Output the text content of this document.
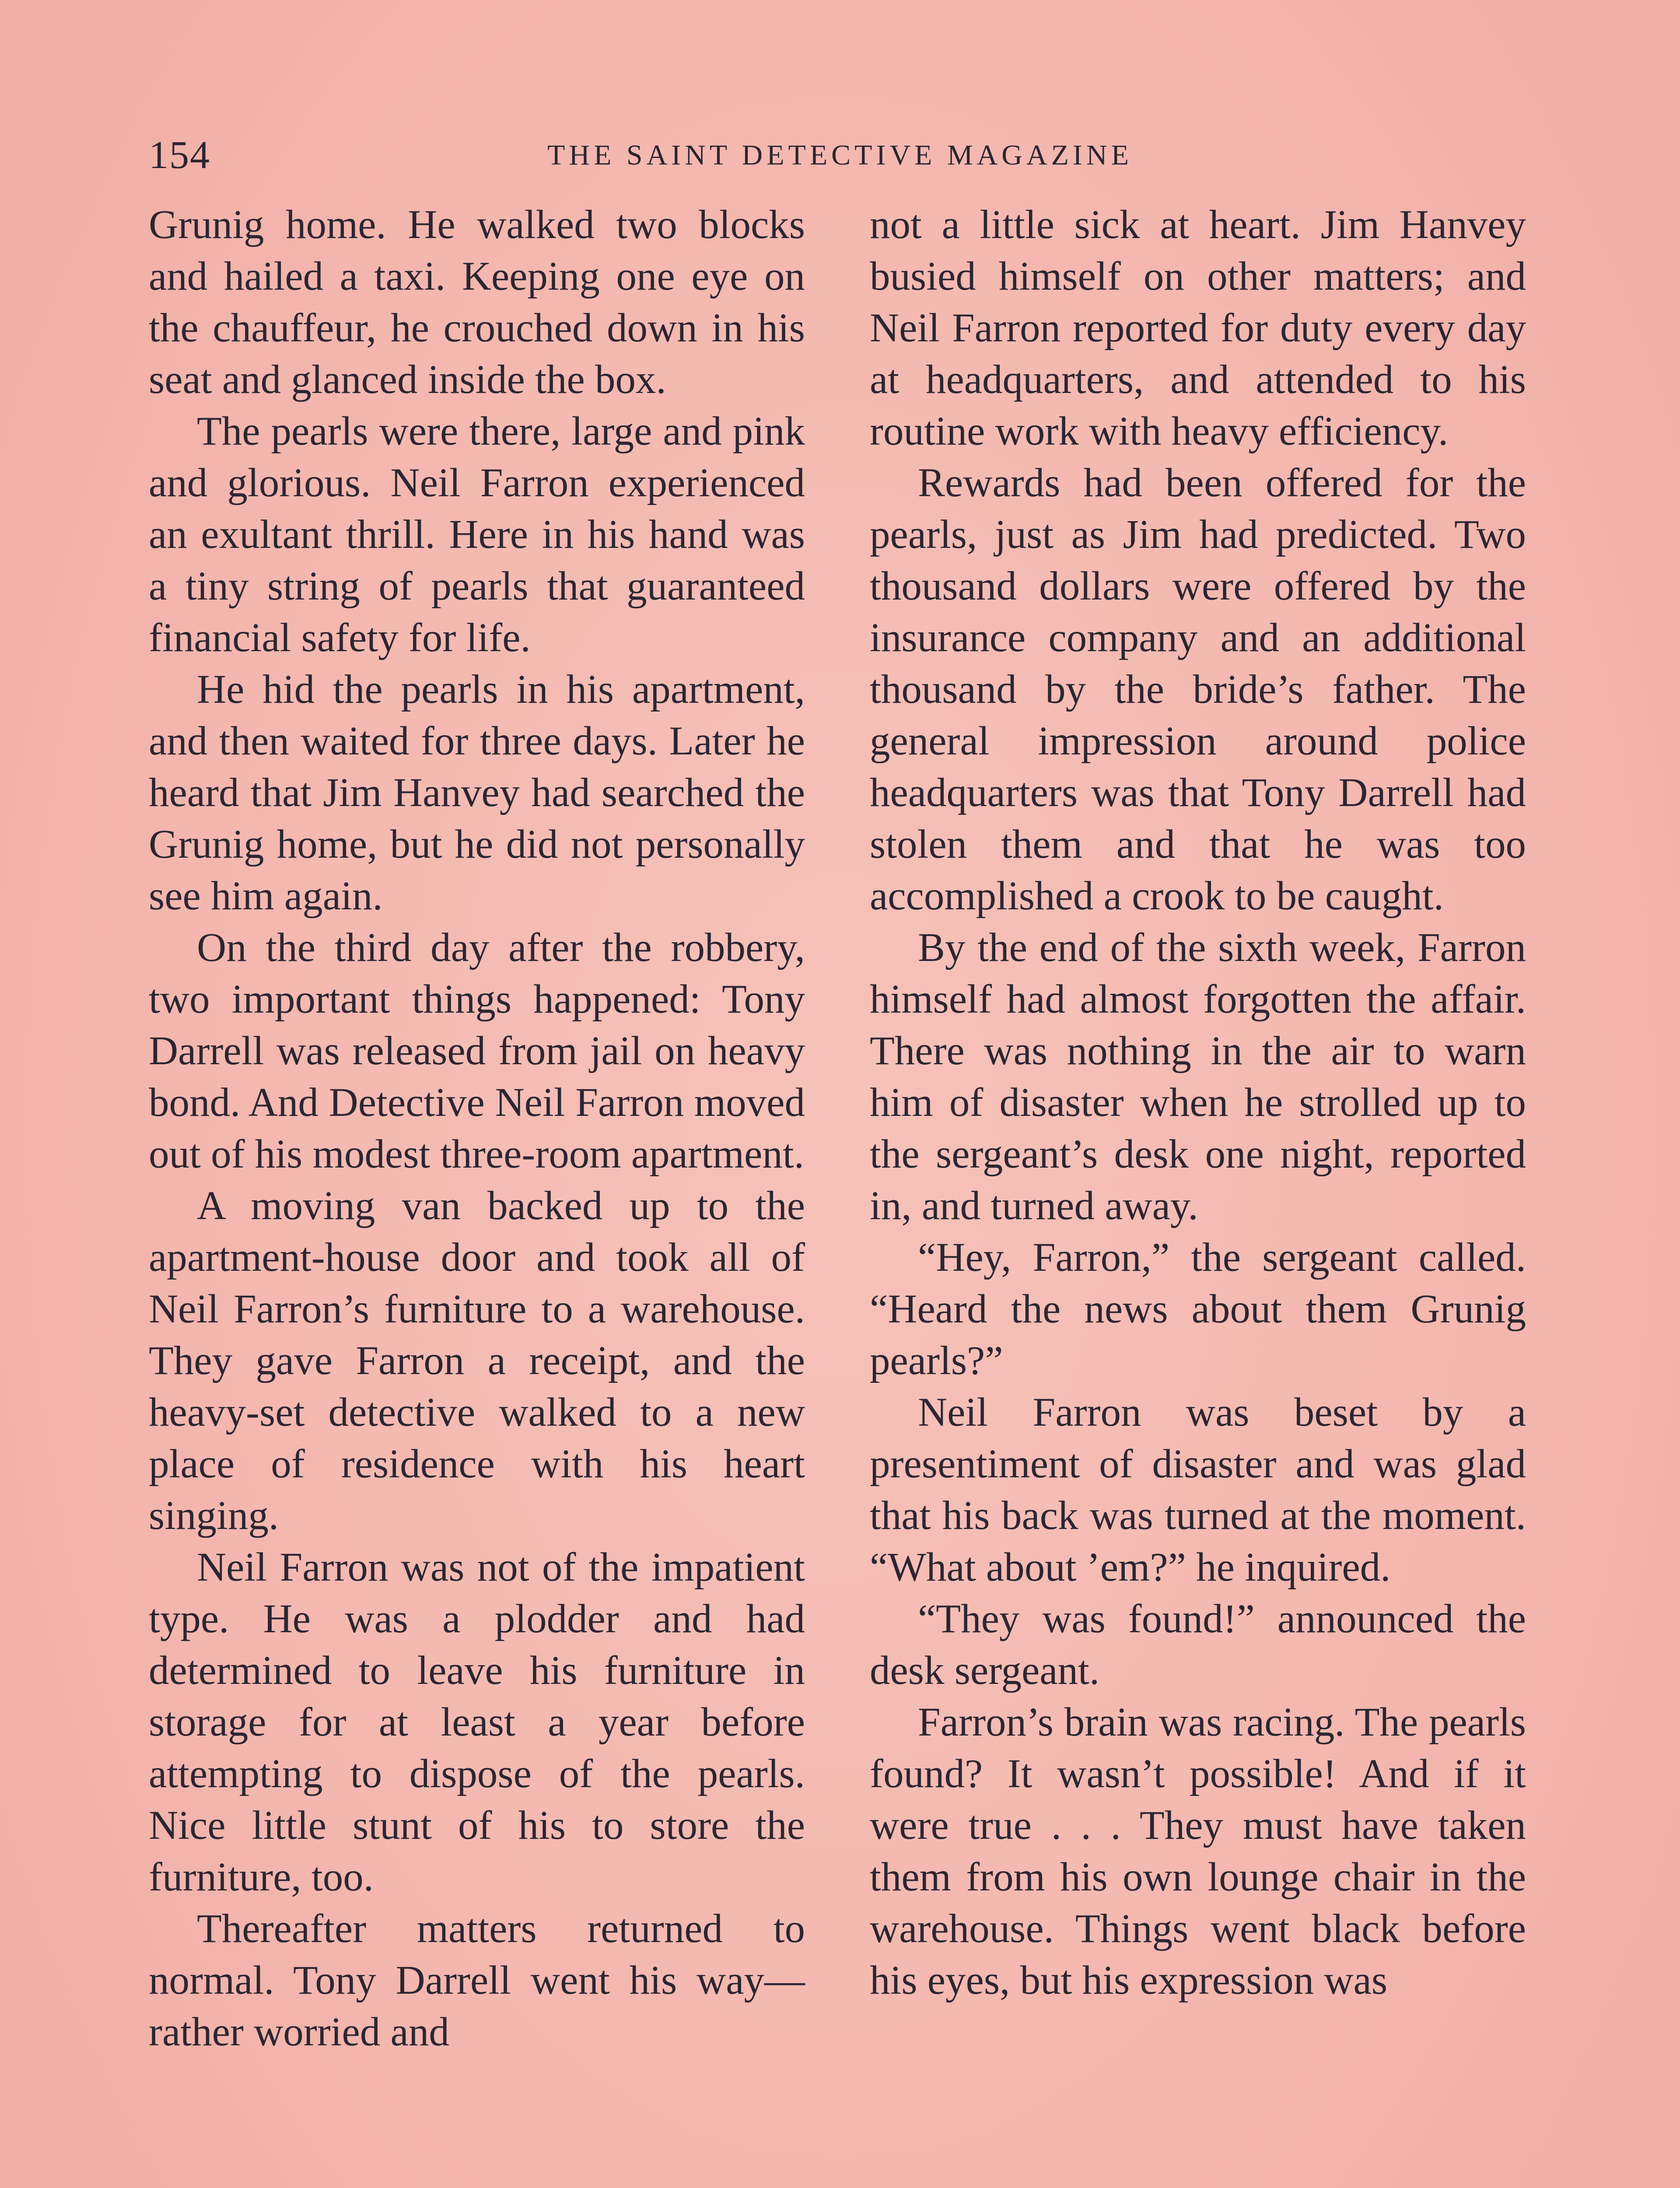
154	THE SAINT DETECTIVE MAGAZINE

Grunig home. He walked two blocks and hailed a taxi. Keeping one eye on the chauffeur, he crouched down in his seat and glanced inside the box.

The pearls were there, large and pink and glorious. Neil Farron experienced an exultant thrill. Here in his hand was a tiny string of pearls that guaranteed financial safety for life.

He hid the pearls in his apartment, and then waited for three days. Later he heard that Jim Hanvey had searched the Grunig home, but he did not personally see him again.

On the third day after the robbery, two important things happened: Tony Darrell was released from jail on heavy bond. And Detective Neil Farron moved out of his modest three-room apartment.

A moving van backed up to the apartment-house door and took all of Neil Farron’s furniture to a warehouse. They gave Farron a receipt, and the heavy-set detective walked to a new place of residence with his heart singing.

Neil Farron was not of the impatient type. He was a plodder and had determined to leave his furniture in storage for at least a year before attempting to dispose of the pearls. Nice little stunt of his to store the furniture, too.

Thereafter matters returned to normal. Tony Darrell went his way—rather worried and

not a little sick at heart. Jim Hanvey busied himself on other matters; and Neil Farron reported for duty every day at headquarters, and attended to his routine work with heavy efficiency.

Rewards had been offered for the pearls, just as Jim had predicted. Two thousand dollars were offered by the insurance company and an additional thousand by the bride’s father. The general impression around police headquarters was that Tony Darrell had stolen them and that he was too accomplished a crook to be caught.

By the end of the sixth week, Farron himself had almost forgotten the affair. There was nothing in the air to warn him of disaster when he strolled up to the sergeant’s desk one night, reported in, and turned away.

“Hey, Farron,” the sergeant called. “Heard the news about them Grunig pearls?”

Neil Farron was beset by a presentiment of disaster and was glad that his back was turned at the moment. “What about ’em?” he inquired.

“They was found!” announced the desk sergeant.

Farron’s brain was racing. The pearls found? It wasn’t possible! And if it were true . . . They must have taken them from his own lounge chair in the warehouse. Things went black before his eyes, but his expression was
